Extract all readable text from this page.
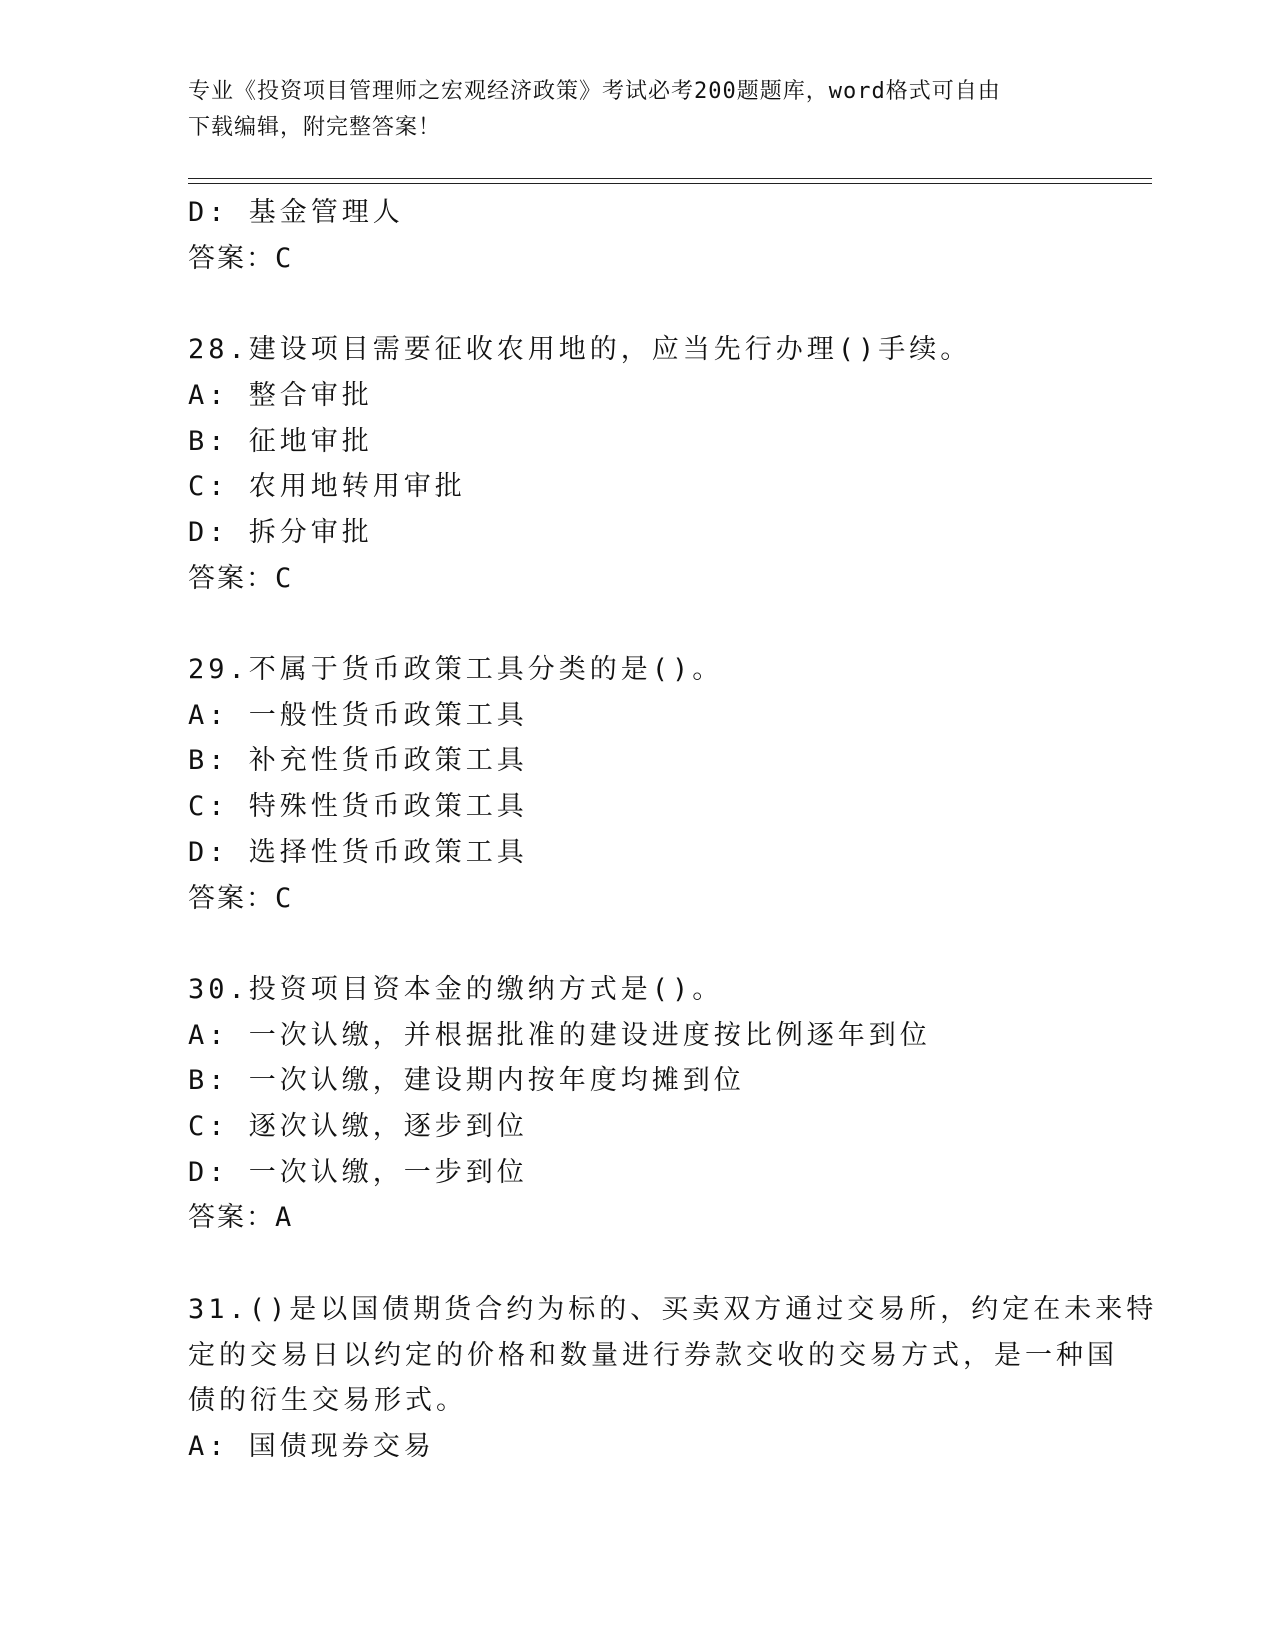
专业《投资项目管理师之宏观经济政策》考试必考200题题库，word格式可自由
下载编辑，附完整答案！
D: 基金管理人
答案：C
28.建设项目需要征收农用地的，应当先行办理()手续。
A: 整合审批
B: 征地审批
C: 农用地转用审批
D: 拆分审批
答案：C
29.不属于货币政策工具分类的是()。
A: 一般性货币政策工具
B: 补充性货币政策工具
C: 特殊性货币政策工具
D: 选择性货币政策工具
答案：C
30.投资项目资本金的缴纳方式是()。
A: 一次认缴，并根据批准的建设进度按比例逐年到位
B: 一次认缴，建设期内按年度均摊到位
C: 逐次认缴，逐步到位
D: 一次认缴，一步到位
答案：A
31.()是以国债期货合约为标的、买卖双方通过交易所，约定在未来特
定的交易日以约定的价格和数量进行券款交收的交易方式，是一种国
债的衍生交易形式。
A: 国债现券交易
